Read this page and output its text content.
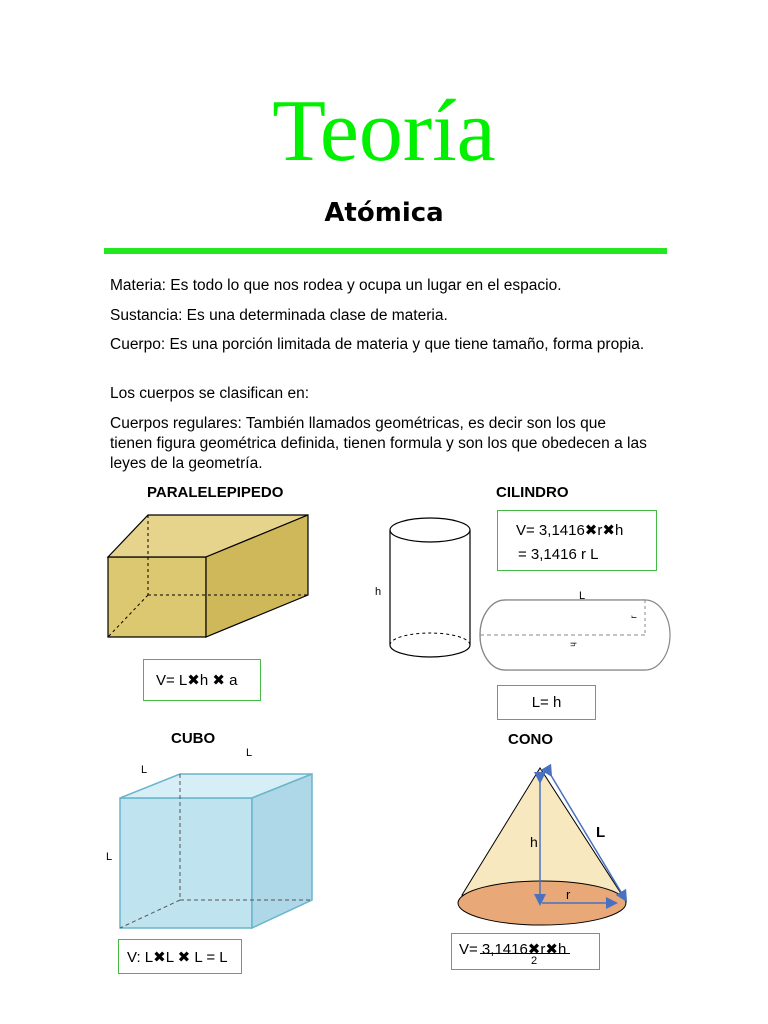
Teoría
Atómica
Materia: Es todo lo que nos rodea y ocupa un lugar en el espacio.
Sustancia: Es una determinada clase de materia.
Cuerpo: Es una porción limitada de materia y que tiene tamaño, forma propia.
Los cuerpos se clasifican en:
Cuerpos regulares: También llamados geométricas, es decir son los que tienen figura geométrica definida, tienen formula y son los que obedecen a las leyes de la geometría.
PARALELEPIPEDO
V= L✖h ✖ a
CILINDRO
V= 3,1416✖r✖h
= 3,1416 r L
h	L
r
h
L= h
CUBO
L
L
L
V: L✖L ✖ L = L
CONO
h
L
r
V= 3,1416✖r✖h
2
